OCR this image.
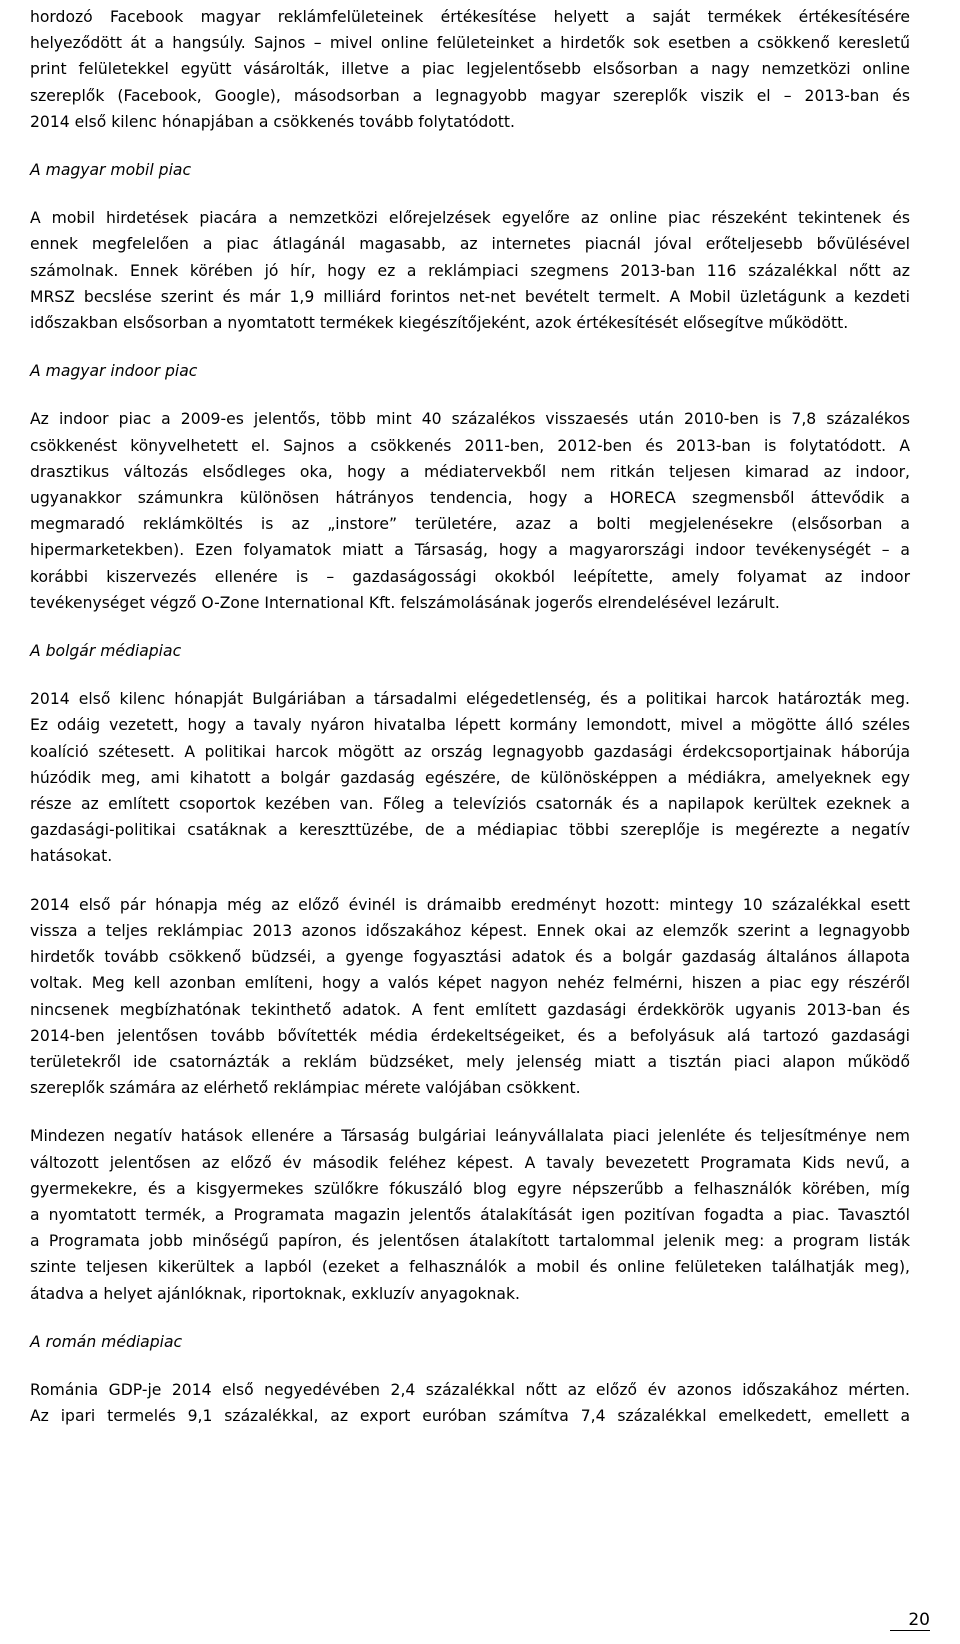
hordozó Facebook magyar reklámfelületeinek értékesítése helyett a saját termékek értékesítésére
helyeződött át a hangsúly. Sajnos – mivel online felületeinket a hirdetők sok esetben a csökkenő keresletű
print felületekkel együtt vásárolták, illetve a piac legjelentősebb elsősorban a nagy nemzetközi online
szereplők (Facebook, Google), másodsorban a legnagyobb magyar szereplők viszik el – 2013-ban és
2014 első kilenc hónapjában a csökkenés tovább folytatódott.

A magyar mobil piac

A mobil hirdetések piacára a nemzetközi előrejelzések egyelőre az online piac részeként tekintenek és
ennek megfelelően a piac átlagánál magasabb, az internetes piacnál jóval erőteljesebb bővülésével
számolnak. Ennek körében jó hír, hogy ez a reklámpiaci szegmens 2013-ban 116 százalékkal nőtt az
MRSZ becslése szerint és már 1,9 milliárd forintos net-net bevételt termelt. A Mobil üzletágunk a kezdeti
időszakban elsősorban a nyomtatott termékek kiegészítőjeként, azok értékesítését elősegítve működött.

A magyar indoor piac

Az indoor piac a 2009-es jelentős, több mint 40 százalékos visszaesés után 2010-ben is 7,8 százalékos
csökkenést könyvelhetett el. Sajnos a csökkenés 2011-ben, 2012-ben és 2013-ban is folytatódott. A
drasztikus változás elsődleges oka, hogy a médiatervekből nem ritkán teljesen kimarad az indoor,
ugyanakkor számunkra különösen hátrányos tendencia, hogy a HORECA szegmensből áttevődik a
megmaradó reklámköltés is az „instore” területére, azaz a bolti megjelenésekre (elsősorban a
hipermarketekben). Ezen folyamatok miatt a Társaság, hogy a magyarországi indoor tevékenységét – a
korábbi kiszervezés ellenére is – gazdaságossági okokból leépítette, amely folyamat az indoor
tevékenységet végző O-Zone International Kft. felszámolásának jogerős elrendelésével lezárult.

A bolgár médiapiac

2014 első kilenc hónapját Bulgáriában a társadalmi elégedetlenség, és a politikai harcok határozták meg.
Ez odáig vezetett, hogy a tavaly nyáron hivatalba lépett kormány lemondott, mivel a mögötte álló széles
koalíció szétesett. A politikai harcok mögött az ország legnagyobb gazdasági érdekcsoportjainak háborúja
húzódik meg, ami kihatott a bolgár gazdaság egészére, de különösképpen a médiákra, amelyeknek egy
része az említett csoportok kezében van. Főleg a televíziós csatornák és a napilapok kerültek ezeknek a
gazdasági-politikai csatáknak a kereszttüzébe, de a médiapiac többi szereplője is megérezte a negatív
hatásokat.

2014 első pár hónapja még az előző évinél is drámaibb eredményt hozott: mintegy 10 százalékkal esett
vissza a teljes reklámpiac 2013 azonos időszakához képest. Ennek okai az elemzők szerint a legnagyobb
hirdetők tovább csökkenő büdzséi, a gyenge fogyasztási adatok és a bolgár gazdaság általános állapota
voltak. Meg kell azonban említeni, hogy a valós képet nagyon nehéz felmérni, hiszen a piac egy részéről
nincsenek megbízhatónak tekinthető adatok. A fent említett gazdasági érdekkörök ugyanis 2013-ban és
2014-ben jelentősen tovább bővítették média érdekeltségeiket, és a befolyásuk alá tartozó gazdasági
területekről ide csatornázták a reklám büdzséket, mely jelenség miatt a tisztán piaci alapon működő
szereplők számára az elérhető reklámpiac mérete valójában csökkent.

Mindezen negatív hatások ellenére a Társaság bulgáriai leányvállalata piaci jelenléte és teljesítménye nem
változott jelentősen az előző év második feléhez képest. A tavaly bevezetett Programata Kids nevű, a
gyermekekre, és a kisgyermekes szülőkre fókuszáló blog egyre népszerűbb a felhasználók körében, míg
a nyomtatott termék, a Programata magazin jelentős átalakítását igen pozitívan fogadta a piac. Tavasztól
a Programata jobb minőségű papíron, és jelentősen átalakított tartalommal jelenik meg: a program listák
szinte teljesen kikerültek a lapból (ezeket a felhasználók a mobil és online felületeken találhatják meg),
átadva a helyet ajánlóknak, riportoknak, exkluzív anyagoknak.

A román médiapiac

Románia GDP-je 2014 első negyedévében 2,4 százalékkal nőtt az előző év azonos időszakához mérten.
Az ipari termelés 9,1 százalékkal, az export euróban számítva 7,4 százalékkal emelkedett, emellett a

20
